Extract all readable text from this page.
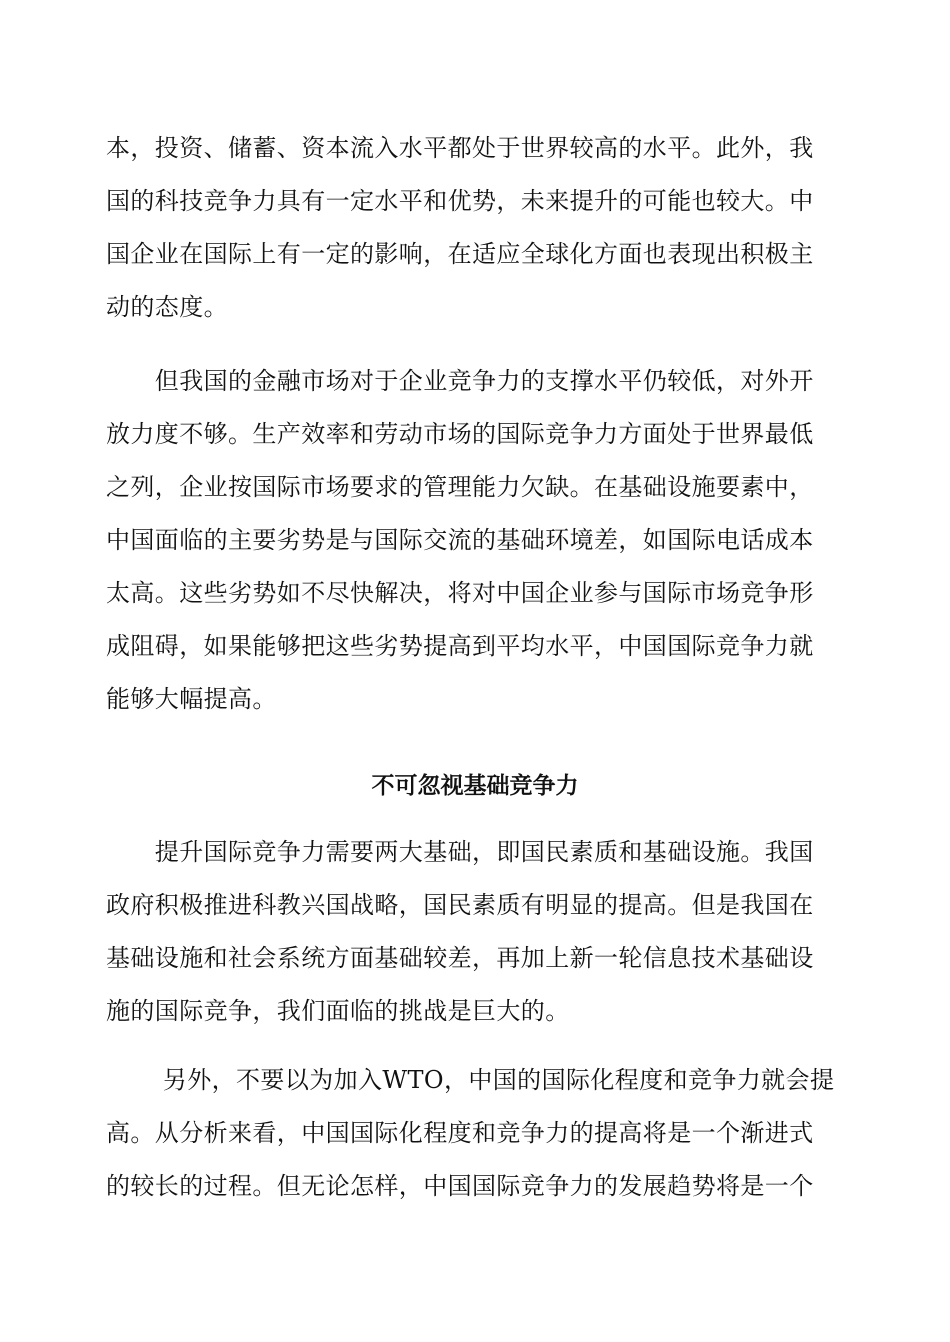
本，投资、储蓄、资本流入水平都处于世界较高的水平。此外，我
国的科技竞争力具有一定水平和优势，未来提升的可能也较大。中
国企业在国际上有一定的影响，在适应全球化方面也表现出积极主
动的态度。
　　但我国的金融市场对于企业竞争力的支撑水平仍较低，对外开
放力度不够。生产效率和劳动市场的国际竞争力方面处于世界最低
之列，企业按国际市场要求的管理能力欠缺。在基础设施要素中，
中国面临的主要劣势是与国际交流的基础环境差，如国际电话成本
太高。这些劣势如不尽快解决，将对中国企业参与国际市场竞争形
成阻碍，如果能够把这些劣势提高到平均水平，中国国际竞争力就
能够大幅提高。
不可忽视基础竞争力
　　提升国际竞争力需要两大基础，即国民素质和基础设施。我国
政府积极推进科教兴国战略，国民素质有明显的提高。但是我国在
基础设施和社会系统方面基础较差，再加上新一轮信息技术基础设
施的国际竞争，我们面临的挑战是巨大的。
　　 另外，不要以为加入WTO，中国的国际化程度和竞争力就会提
高。从分析来看，中国国际化程度和竞争力的提高将是一个渐进式
的较长的过程。但无论怎样，中国国际竞争力的发展趋势将是一个
